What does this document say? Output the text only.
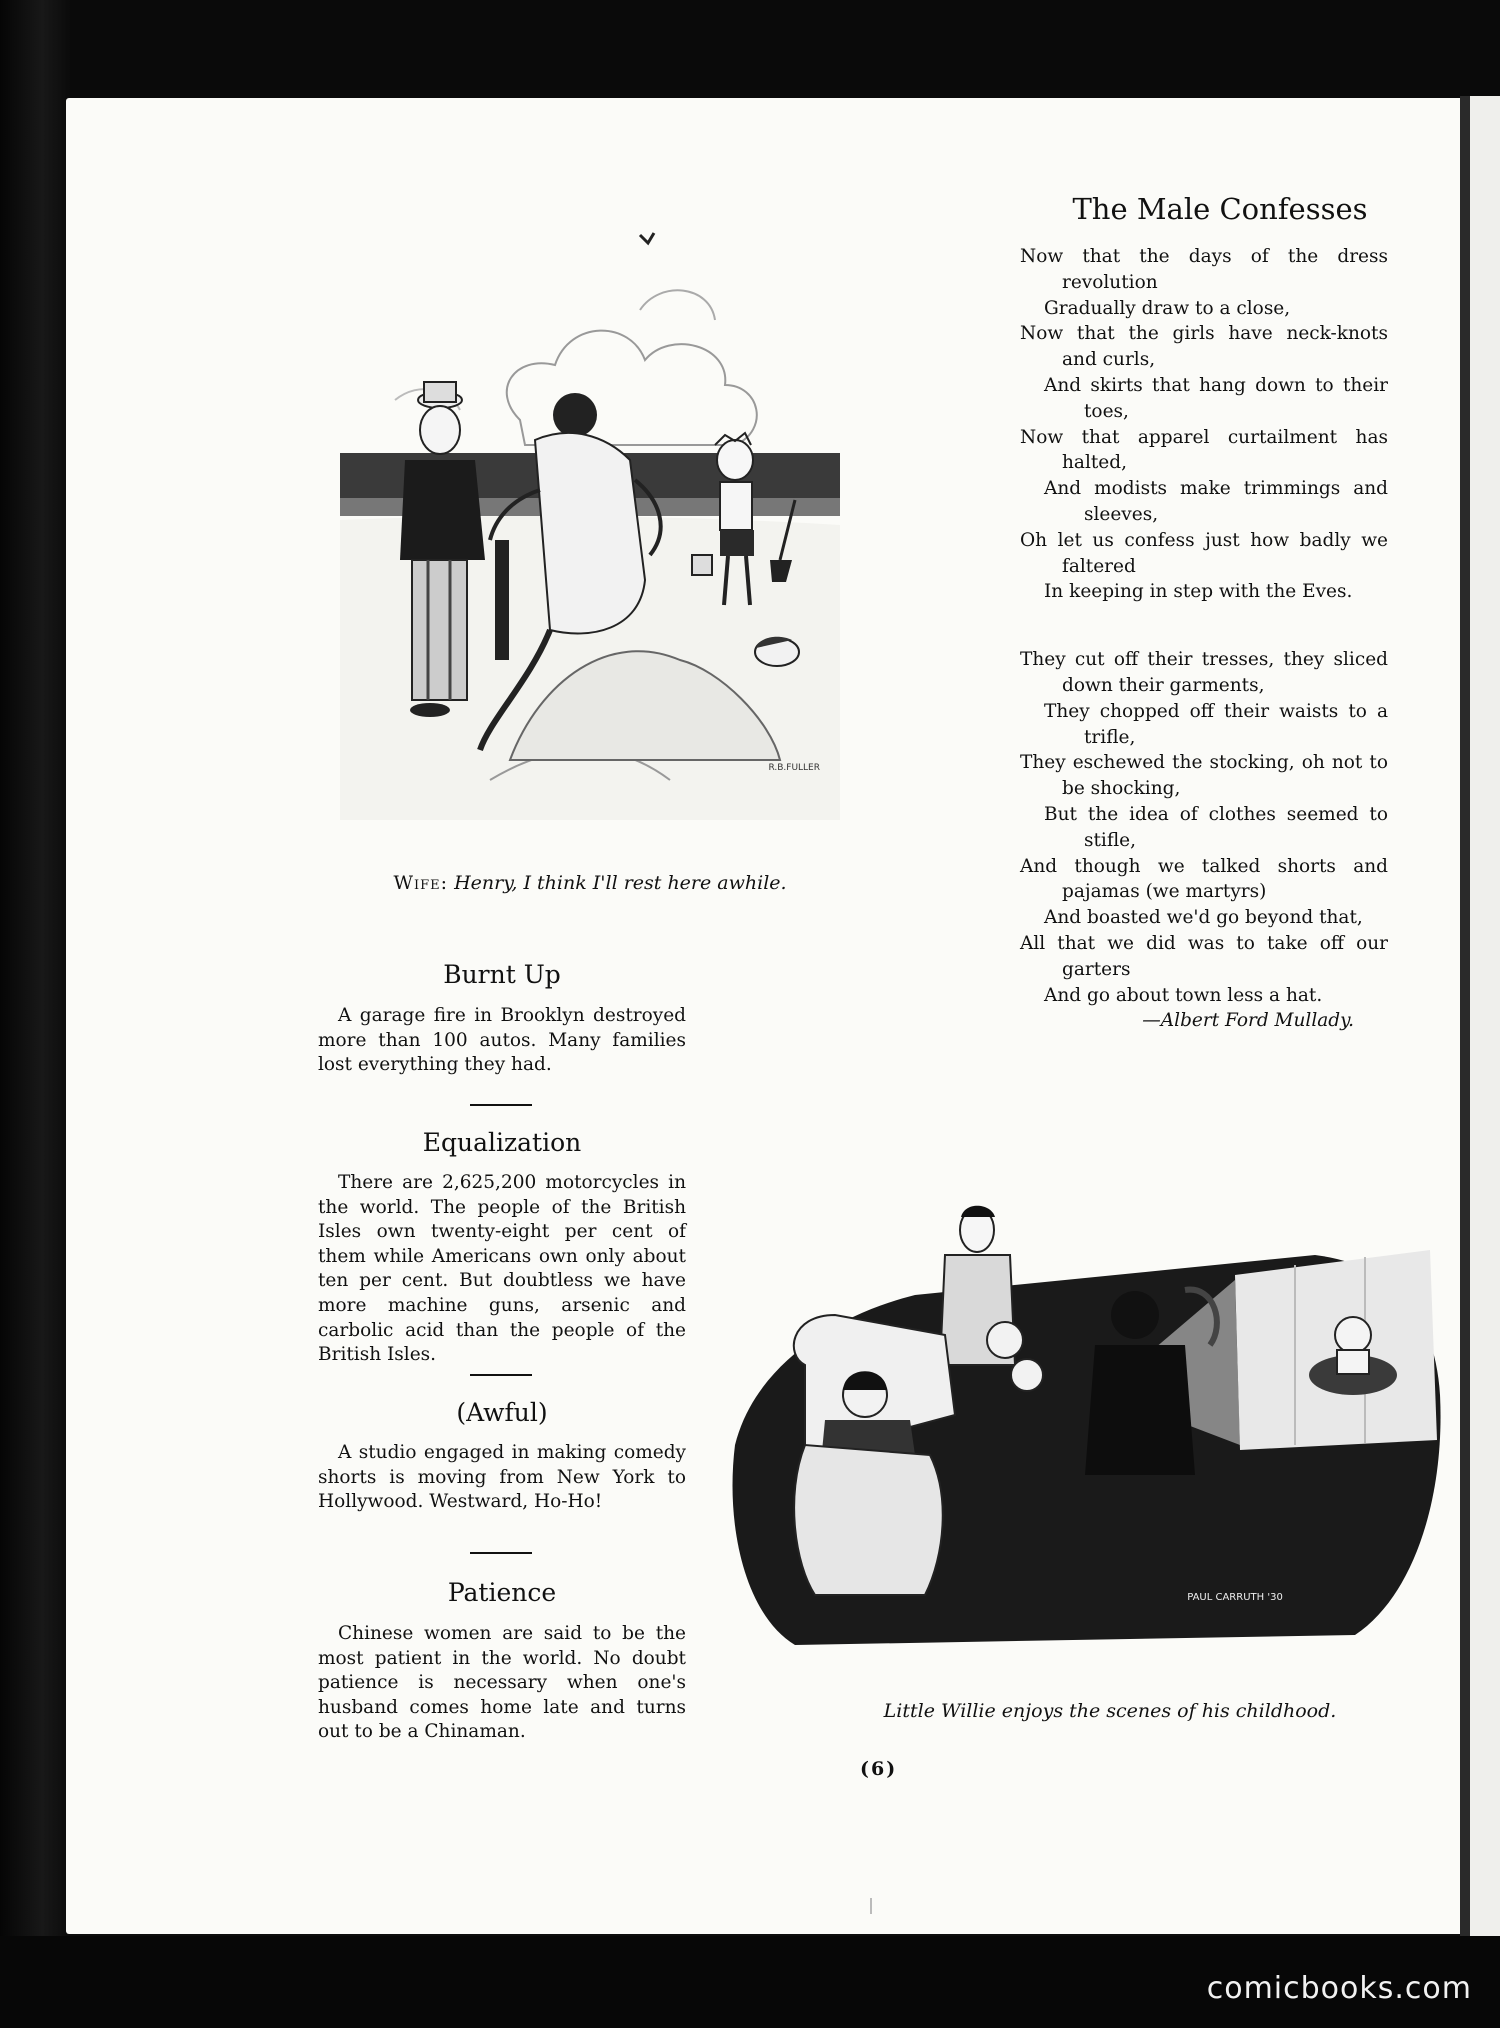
R.B.FULLER
Wife: Henry, I think I'll rest here awhile.
The Male Confesses
Now that the days of the dress revolution
Gradually draw to a close,
Now that the girls have neck-knots and curls,
And skirts that hang down to their toes,
Now that apparel curtailment has halted,
And modists make trimmings and sleeves,
Oh let us confess just how badly we faltered
In keeping in step with the Eves.
They cut off their tresses, they sliced down their garments,
They chopped off their waists to a trifle,
They eschewed the stocking, oh not to be shocking,
But the idea of clothes seemed to stifle,
And though we talked shorts and pajamas (we martyrs)
And boasted we'd go beyond that,
All that we did was to take off our garters
And go about town less a hat.
—Albert Ford Mullady.
Burnt Up
A garage fire in Brooklyn destroyed more than 100 autos. Many families lost everything they had.
Equalization
There are 2,625,200 motorcycles in the world. The people of the British Isles own twenty-eight per cent of them while Americans own only about ten per cent. But doubtless we have more machine guns, arsenic and carbolic acid than the people of the British Isles.
(Awful)
A studio engaged in making comedy shorts is moving from New York to Hollywood. Westward, Ho-Ho!
Patience
Chinese women are said to be the most patient in the world. No doubt patience is necessary when one's husband comes home late and turns out to be a Chinaman.
PAUL CARRUTH '30
Little Willie enjoys the scenes of his childhood.
(6)
comicbooks.com
